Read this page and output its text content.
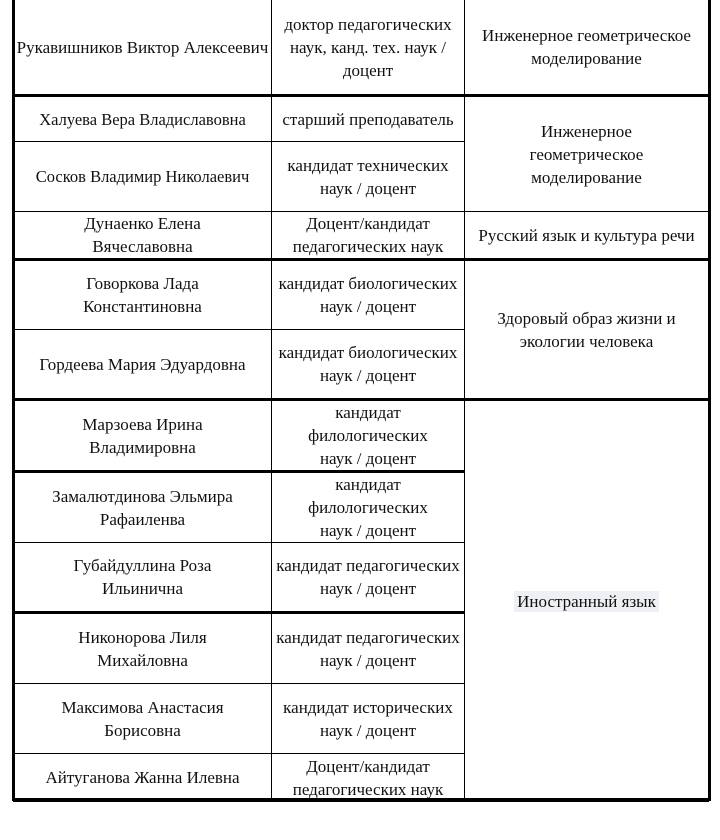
Рукавишников Виктор Алексеевич	доктор педагогических наук, канд. тех. наук / доцент	Инженерное геометрическое моделирование
Халуева Вера Владиславовна	старший преподаватель	Инженерное геометрическое моделирование
Сосков Владимир Николаевич	кандидат технических наук / доцент	
Дунаенко Елена Вячеславовна	Доцент/кандидат педагогических наук	Русский язык и культура речи
Говоркова Лада Константиновна	кандидат биологических наук / доцент	Здоровый образ жизни и экологии человека
Гордеева Мария Эдуардовна	кандидат биологических наук / доцент	
Марзоева Ирина Владимировна	кандидат филологических наук / доцент	Иностранный язык
Замалютдинова Эльмира Рафаиленва	кандидат филологических наук / доцент	
Губайдуллина Роза Ильинична	кандидат педагогических наук / доцент	
Никонорова Лиля Михайловна	кандидат педагогических наук / доцент	
Максимова Анастасия Борисовна	кандидат исторических наук / доцент	
Айтуганова Жанна Илевна	Доцент/кандидат педагогических наук	
